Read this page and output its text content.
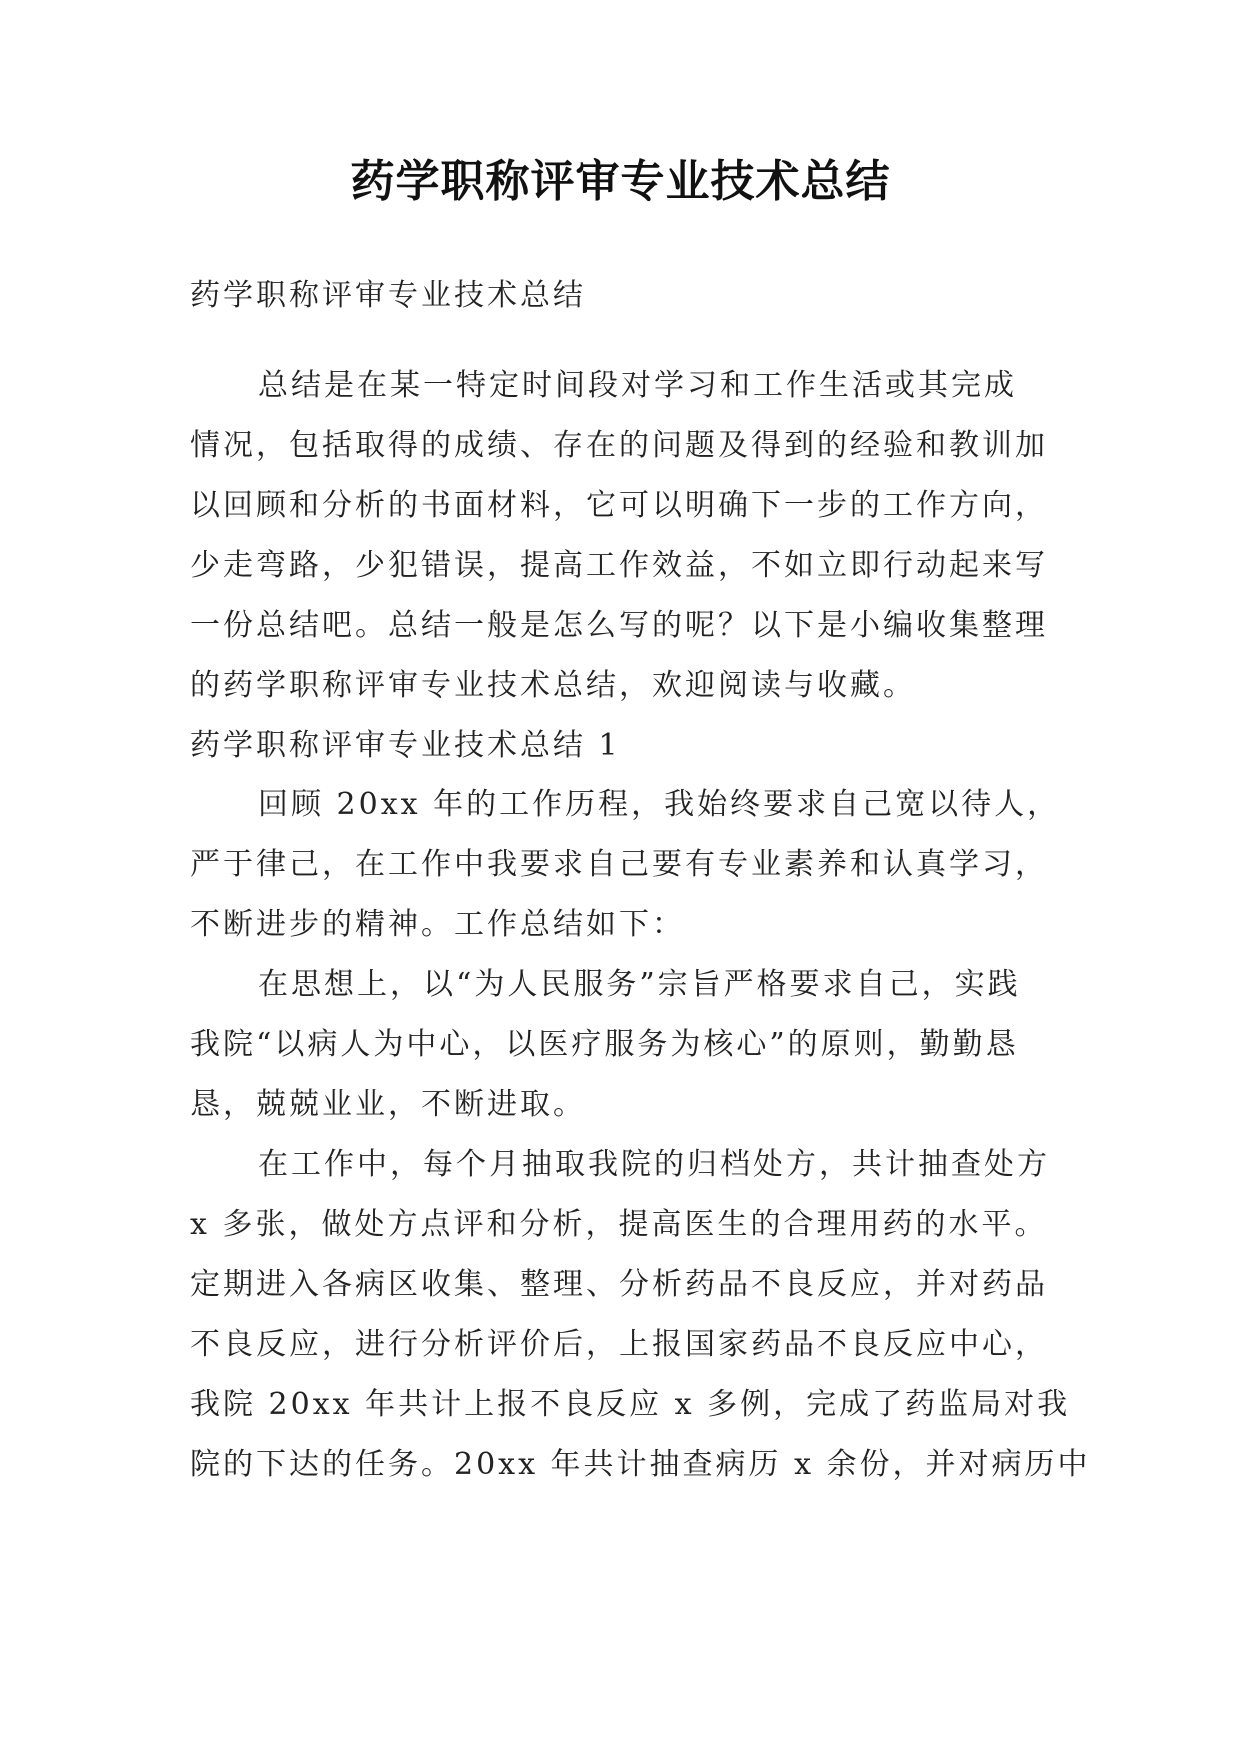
药学职称评审专业技术总结
药学职称评审专业技术总结
总结是在某一特定时间段对学习和工作生活或其完成
情况，包括取得的成绩、存在的问题及得到的经验和教训加
以回顾和分析的书面材料，它可以明确下一步的工作方向，
少走弯路，少犯错误，提高工作效益，不如立即行动起来写
一份总结吧。总结一般是怎么写的呢？以下是小编收集整理
的药学职称评审专业技术总结，欢迎阅读与收藏。
药学职称评审专业技术总结 1
回顾 20xx 年的工作历程，我始终要求自己宽以待人，
严于律己，在工作中我要求自己要有专业素养和认真学习，
不断进步的精神。工作总结如下：
在思想上，以“为人民服务”宗旨严格要求自己，实践
我院“以病人为中心，以医疗服务为核心”的原则，勤勤恳
恳，兢兢业业，不断进取。
在工作中，每个月抽取我院的归档处方，共计抽查处方
x 多张，做处方点评和分析，提高医生的合理用药的水平。
定期进入各病区收集、整理、分析药品不良反应，并对药品
不良反应，进行分析评价后，上报国家药品不良反应中心，
我院 20xx 年共计上报不良反应 x 多例，完成了药监局对我
院的下达的任务。20xx 年共计抽查病历 x 余份，并对病历中
